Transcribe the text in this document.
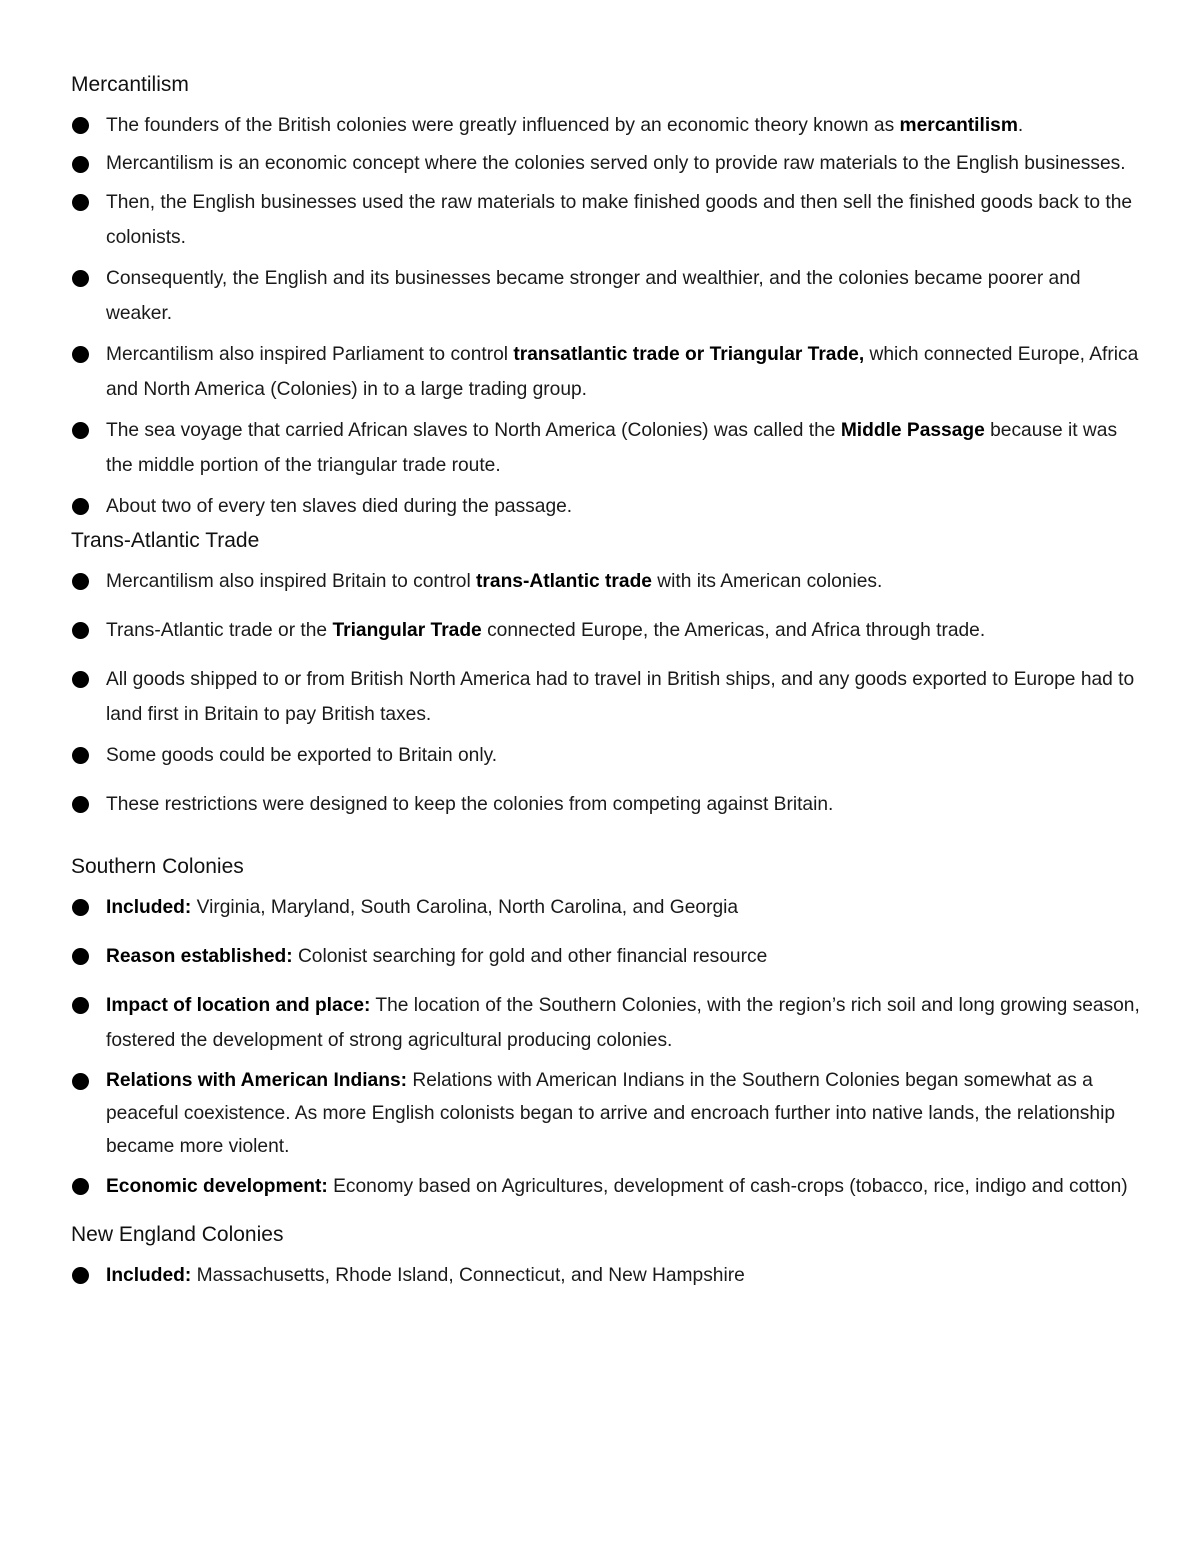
Mercantilism
The founders of the British colonies were greatly influenced by an economic theory known as mercantilism.
Mercantilism is an economic concept where the colonies served only to provide raw materials to the English businesses.
Then, the English businesses used the raw materials to make finished goods and then sell the finished goods back to the colonists.
Consequently, the English and its businesses became stronger and wealthier, and the colonies became poorer and weaker.
Mercantilism also inspired Parliament to control transatlantic trade or Triangular Trade, which connected Europe, Africa and North America (Colonies) in to a large trading group.
The sea voyage that carried African slaves to North America (Colonies) was called the Middle Passage because it was the middle portion of the triangular trade route.
About two of every ten slaves died during the passage.
Trans-Atlantic Trade
Mercantilism also inspired Britain to control trans-Atlantic trade with its American colonies.
Trans-Atlantic trade or the Triangular Trade connected Europe, the Americas, and Africa through trade.
All goods shipped to or from British North America had to travel in British ships, and any goods exported to Europe had to land first in Britain to pay British taxes.
Some goods could be exported to Britain only.
These restrictions were designed to keep the colonies from competing against Britain.
Southern Colonies
Included: Virginia, Maryland, South Carolina, North Carolina, and Georgia
Reason established: Colonist searching for gold and other financial resource
Impact of location and place: The location of the Southern Colonies, with the region’s rich soil and long growing season, fostered the development of strong agricultural producing colonies.
Relations with American Indians: Relations with American Indians in the Southern Colonies began somewhat as a peaceful coexistence. As more English colonists began to arrive and encroach further into native lands, the relationship became more violent.
Economic development: Economy based on Agricultures, development of cash-crops (tobacco, rice, indigo and cotton)
New England Colonies
Included: Massachusetts, Rhode Island, Connecticut, and New Hampshire
